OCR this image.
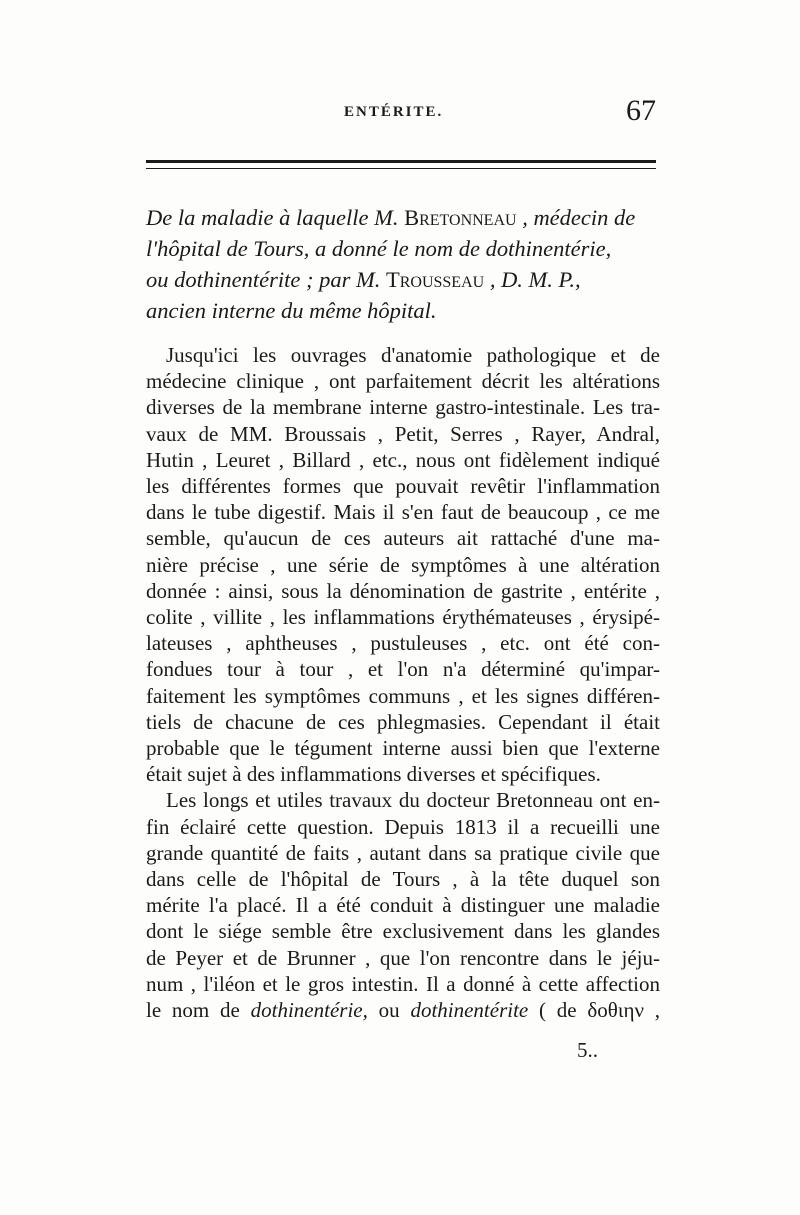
ENTÉRITE.	67
De la maladie à laquelle M. Bretonneau , médecin de
l'hôpital de Tours, a donné le nom de dothinentérie,
ou dothinentérite ; par M. Trousseau , D. M. P.,
ancien interne du même hôpital.
Jusqu'ici les ouvrages d'anatomie pathologique et de
médecine clinique , ont parfaitement décrit les altérations
diverses de la membrane interne gastro-intestinale. Les tra-
vaux de MM. Broussais , Petit, Serres , Rayer, Andral,
Hutin , Leuret , Billard , etc., nous ont fidèlement indiqué
les différentes formes que pouvait revêtir l'inflammation
dans le tube digestif. Mais il s'en faut de beaucoup , ce me
semble, qu'aucun de ces auteurs ait rattaché d'une ma-
nière précise , une série de symptômes à une altération
donnée : ainsi, sous la dénomination de gastrite , entérite ,
colite , villite , les inflammations érythémateuses , érysipé-
lateuses , aphtheuses , pustuleuses , etc. ont été con-
fondues tour à tour , et l'on n'a déterminé qu'impar-
faitement les symptômes communs , et les signes différen-
tiels de chacune de ces phlegmasies. Cependant il était
probable que le tégument interne aussi bien que l'externe
était sujet à des inflammations diverses et spécifiques.
Les longs et utiles travaux du docteur Bretonneau ont en-
fin éclairé cette question. Depuis 1813 il a recueilli une
grande quantité de faits , autant dans sa pratique civile que
dans celle de l'hôpital de Tours , à la tête duquel son
mérite l'a placé. Il a été conduit à distinguer une maladie
dont le siége semble être exclusivement dans les glandes
de Peyer et de Brunner , que l'on rencontre dans le jéju-
num , l'iléon et le gros intestin. Il a donné à cette affection
le nom de dothinentérie, ou dothinentérite ( de δοθιην ,
5..
